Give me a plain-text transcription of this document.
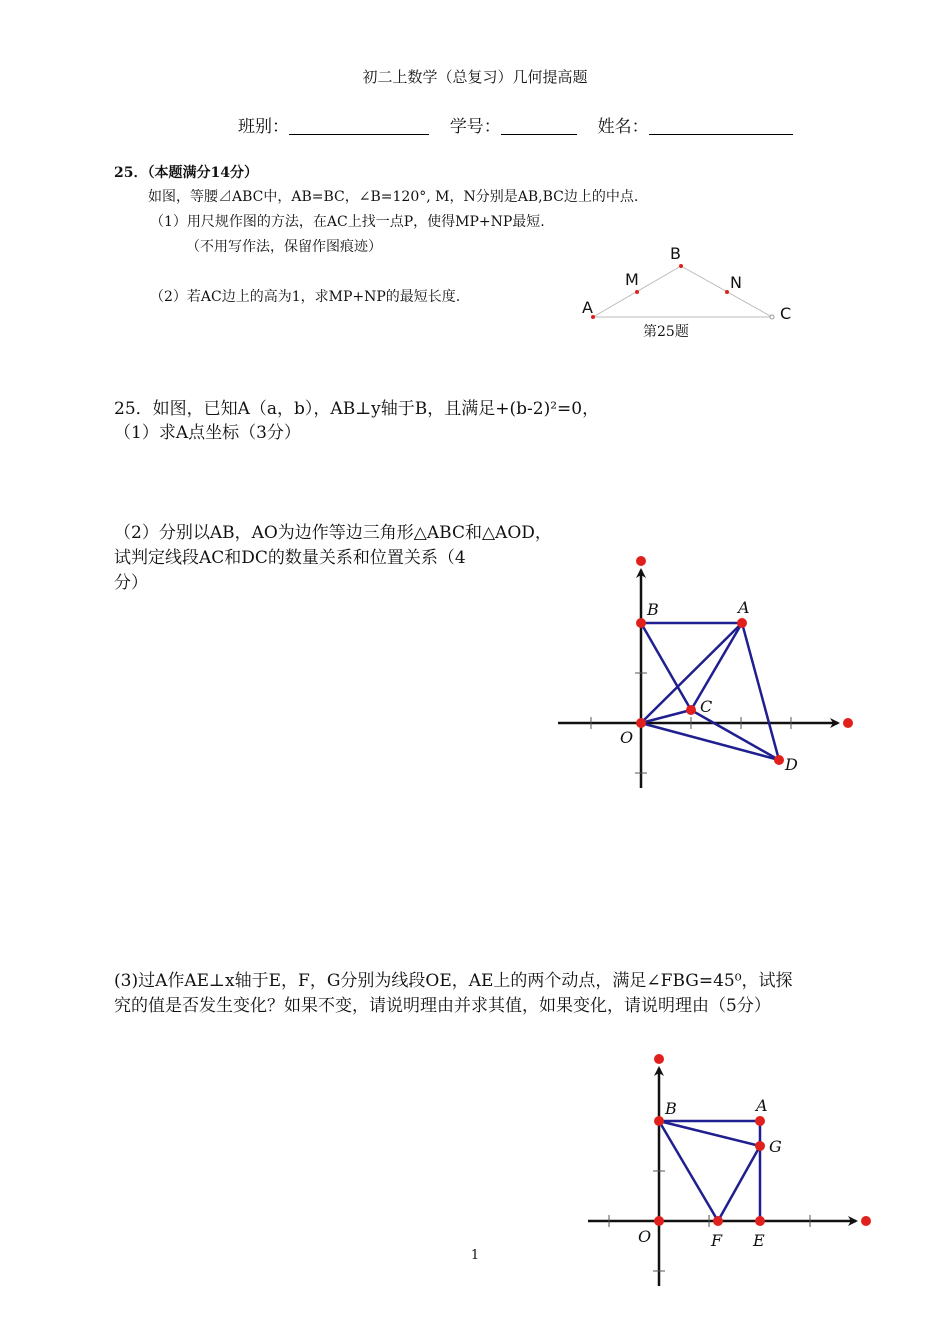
初二上数学（总复习）几何提高题
班别：	学号：	姓名：
25．（本题满分14分）
如图，等腰⊿ABC中，AB=BC，∠B=120°, M，N分别是AB,BC边上的中点.
（1）用尺规作图的方法，在AC上找一点P，使得MP+NP最短.
（不用写作法，保留作图痕迹）
（2）若AC边上的高为1，求MP+NP的最短长度.
B
M	N
A	C
第25题
25．如图，已知A（a，b），AB⊥y轴于B，且满足+(b-2)²=0，
（1）求A点坐标（3分）
（2）分别以AB，AO为边作等边三角形△ABC和△AOD，
试判定线段AC和DC的数量关系和位置关系（4
分）
B	A
C
O
D
(3)过A作AE⊥x轴于E，F，G分别为线段OE，AE上的两个动点，满足∠FBG=45⁰，试探
究的值是否发生变化？如果不变，请说明理由并求其值，如果变化，请说明理由（5分）
B	A
G
O	F E
1
